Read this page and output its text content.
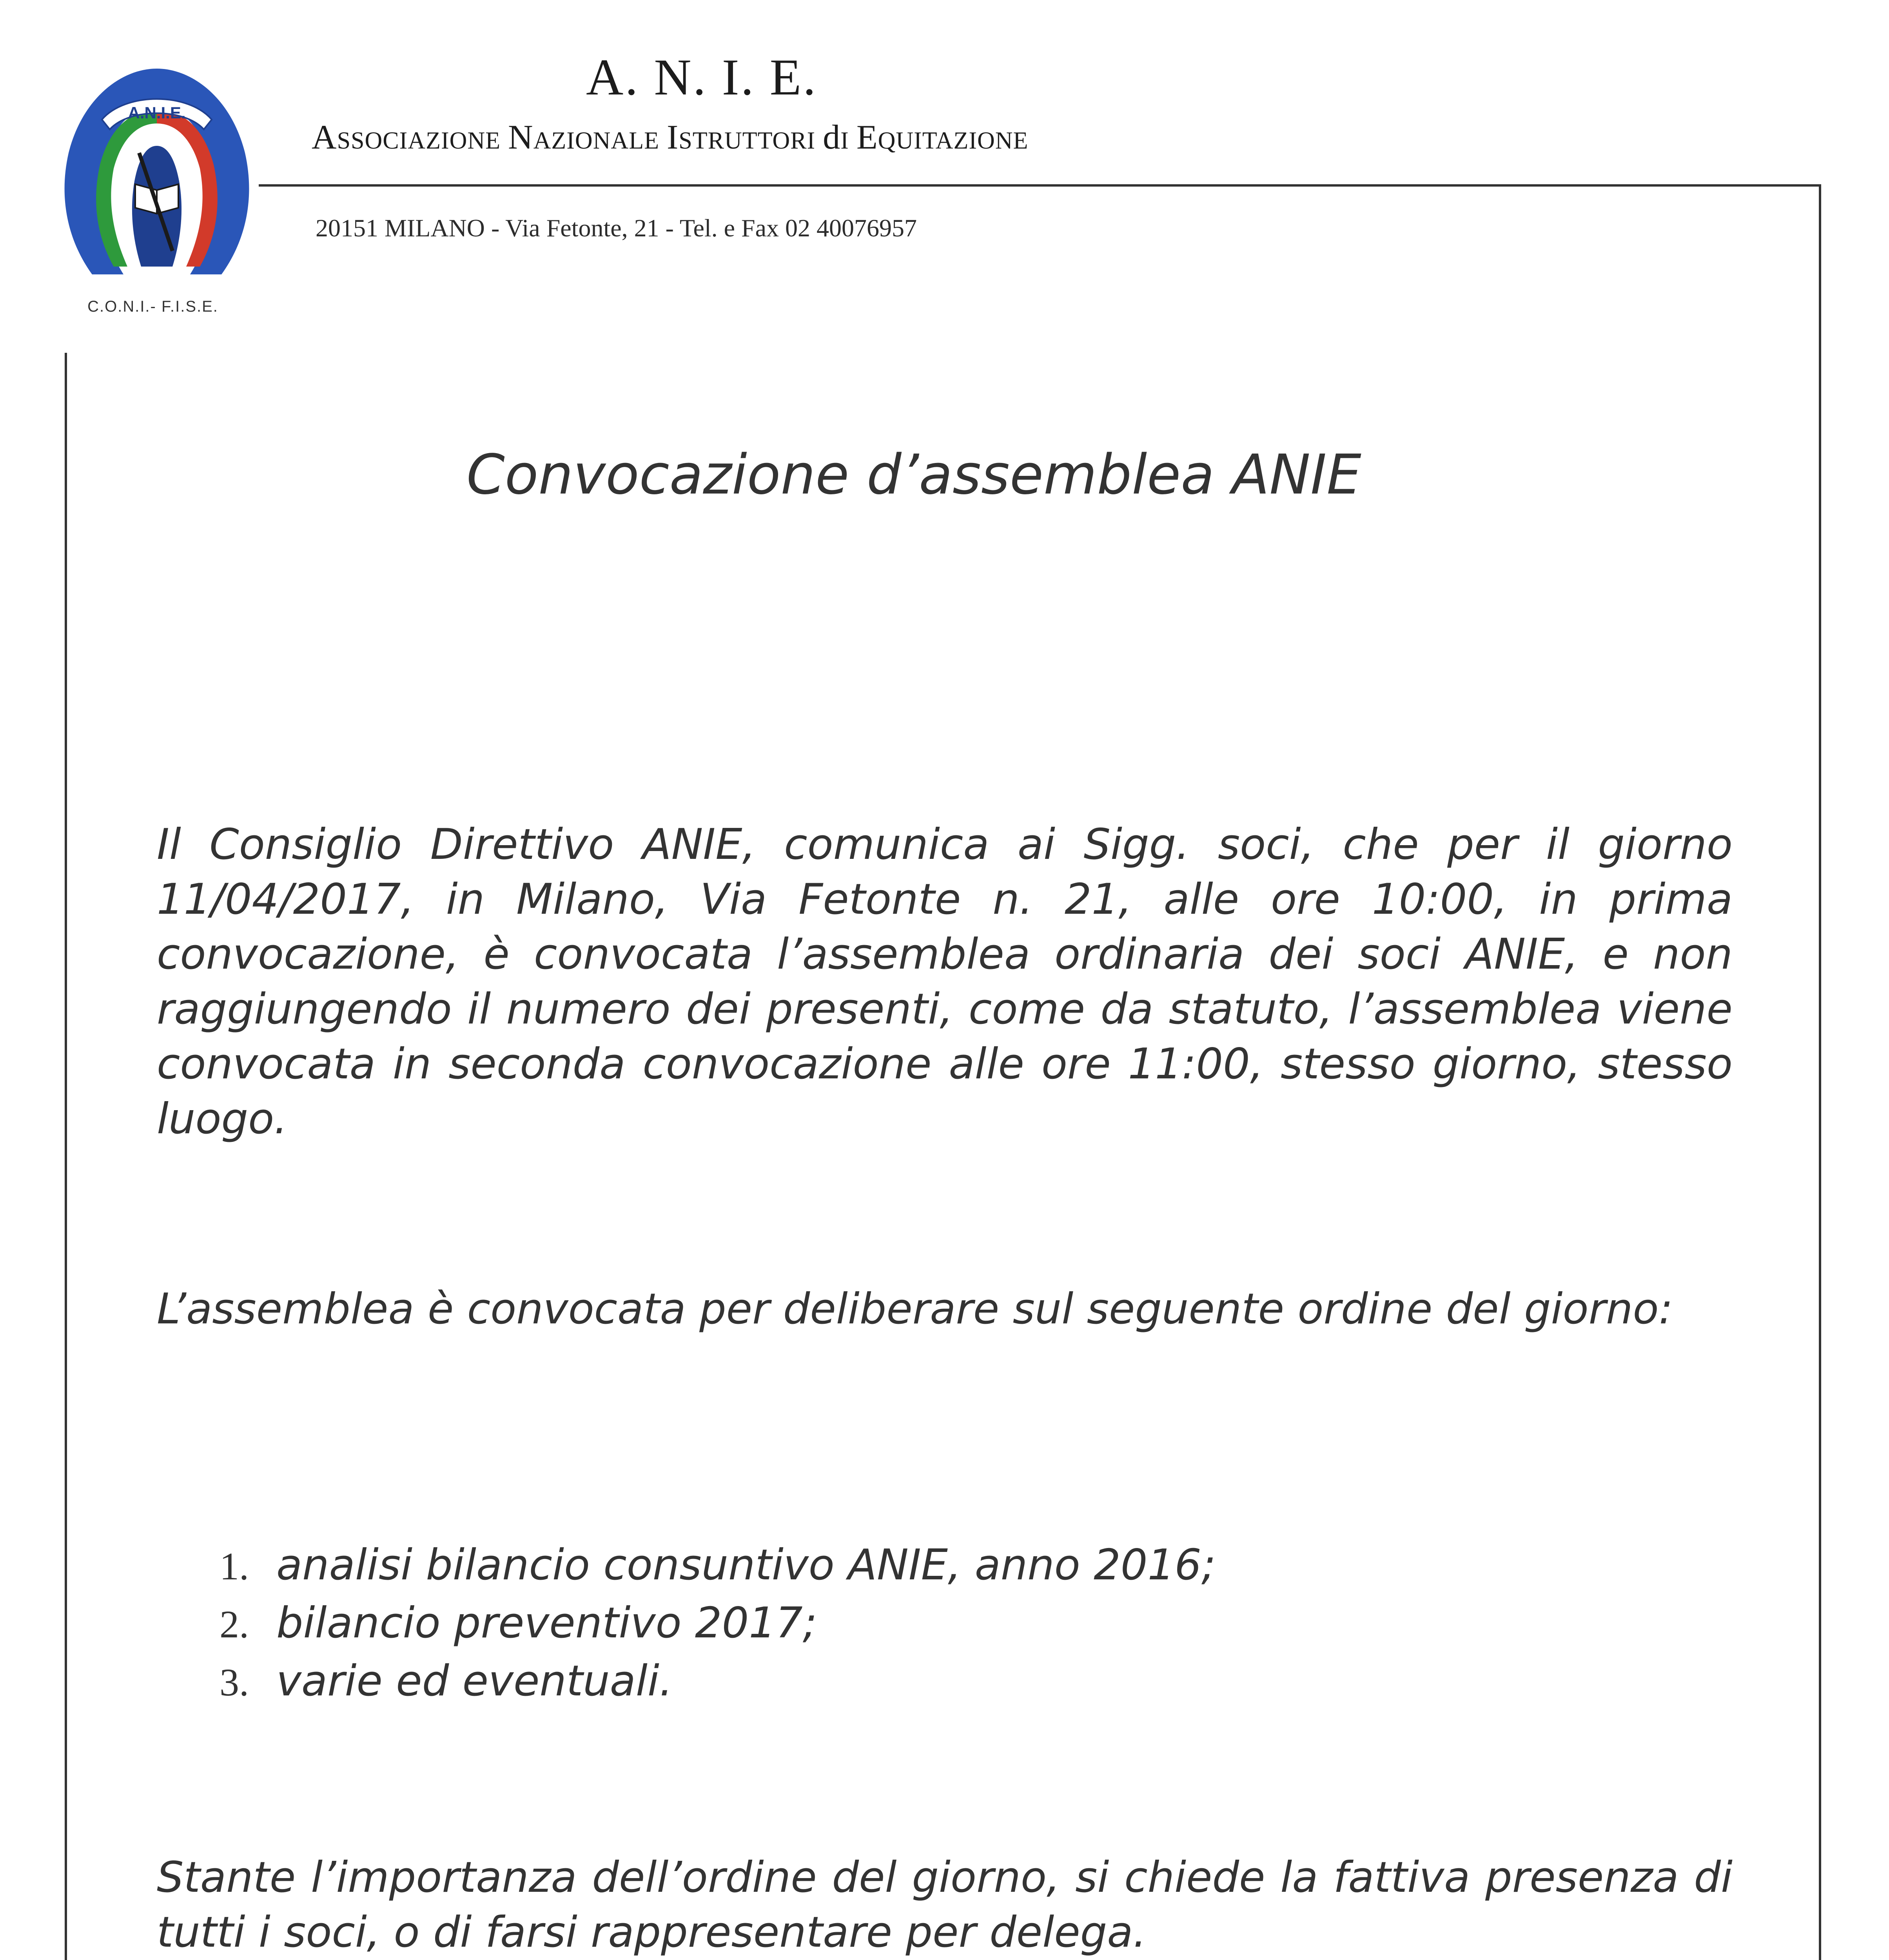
A.N.I.E.
C.O.N.I.- F.I.S.E.
A. N. I. E.
ASSOCIAZIONE NAZIONALE ISTRUTTORI dI EQUITAZIONE
20151 MILANO - Via Fetonte, 21 - Tel. e Fax 02 40076957
Convocazione d’assemblea ANIE
Il Consiglio Direttivo ANIE, comunica ai Sigg. soci, che per il giorno 11/04/2017, in Milano, Via Fetonte n. 21, alle ore 10:00, in prima convocazione, è convocata l’assemblea ordinaria dei soci ANIE, e non raggiungendo il numero dei presenti, come da statuto, l’assemblea viene convocata in seconda convocazione alle ore 11:00, stesso giorno, stesso luogo.
L’assemblea è convocata per deliberare sul seguente ordine del giorno:
1. analisi bilancio consuntivo ANIE, anno 2016;
2. bilancio preventivo 2017;
3. varie ed eventuali.
Stante l’importanza dell’ordine del giorno, si chiede la fattiva presenza di tutti i soci, o di farsi rappresentare per delega.
